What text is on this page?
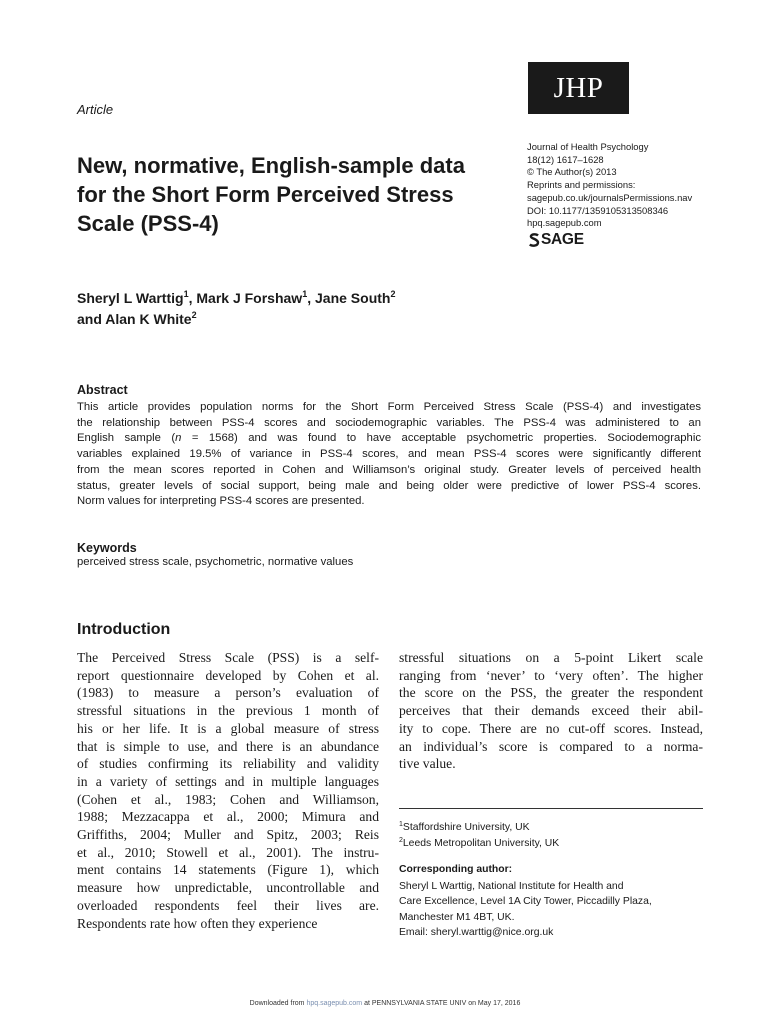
Article
JHP
New, normative, English-sample data for the Short Form Perceived Stress Scale (PSS-4)
Journal of Health Psychology
18(12) 1617–1628
© The Author(s) 2013
Reprints and permissions:
sagepub.co.uk/journalsPermissions.nav
DOI: 10.1177/1359105313508346
hpq.sagepub.com
SAGE
Sheryl L Warttig$^1$, Mark J Forshaw$^1$, Jane South$^2$
and Alan K White$^2$
Abstract
This article provides population norms for the Short Form Perceived Stress Scale (PSS-4) and investigates
the relationship between PSS-4 scores and sociodemographic variables. The PSS-4 was administered to an
English sample (n = 1568) and was found to have acceptable psychometric properties. Sociodemographic
variables explained 19.5% of variance in PSS-4 scores, and mean PSS-4 scores were significantly different
from the mean scores reported in Cohen and Williamson’s original study. Greater levels of perceived health
status, greater levels of social support, being male and being older were predictive of lower PSS-4 scores.
Norm values for interpreting PSS-4 scores are presented.
Keywords
perceived stress scale, psychometric, normative values
Introduction
The Perceived Stress Scale (PSS) is a self-
report questionnaire developed by Cohen et al.
(1983) to measure a person’s evaluation of
stressful situations in the previous 1 month of
his or her life. It is a global measure of stress
that is simple to use, and there is an abundance
of studies confirming its reliability and validity
in a variety of settings and in multiple languages
(Cohen et al., 1983; Cohen and Williamson,
1988; Mezzacappa et al., 2000; Mimura and
Griffiths, 2004; Muller and Spitz, 2003; Reis
et al., 2010; Stowell et al., 2001). The instru-
ment contains 14 statements (Figure 1), which
measure how unpredictable, uncontrollable and
overloaded respondents feel their lives are.
Respondents rate how often they experience
stressful situations on a 5-point Likert scale
ranging from ‘never’ to ‘very often’. The higher
the score on the PSS, the greater the respondent
perceives that their demands exceed their abil-
ity to cope. There are no cut-off scores. Instead,
an individual’s score is compared to a norma-
tive value.
$^1$Staffordshire University, UK
$^2$Leeds Metropolitan University, UK
Corresponding author:
Sheryl L Warttig, National Institute for Health and
Care Excellence, Level 1A City Tower, Piccadilly Plaza,
Manchester M1 4BT, UK.
Email: sheryl.warttig@nice.org.uk
Downloaded from hpq.sagepub.com at PENNSYLVANIA STATE UNIV on May 17, 2016
